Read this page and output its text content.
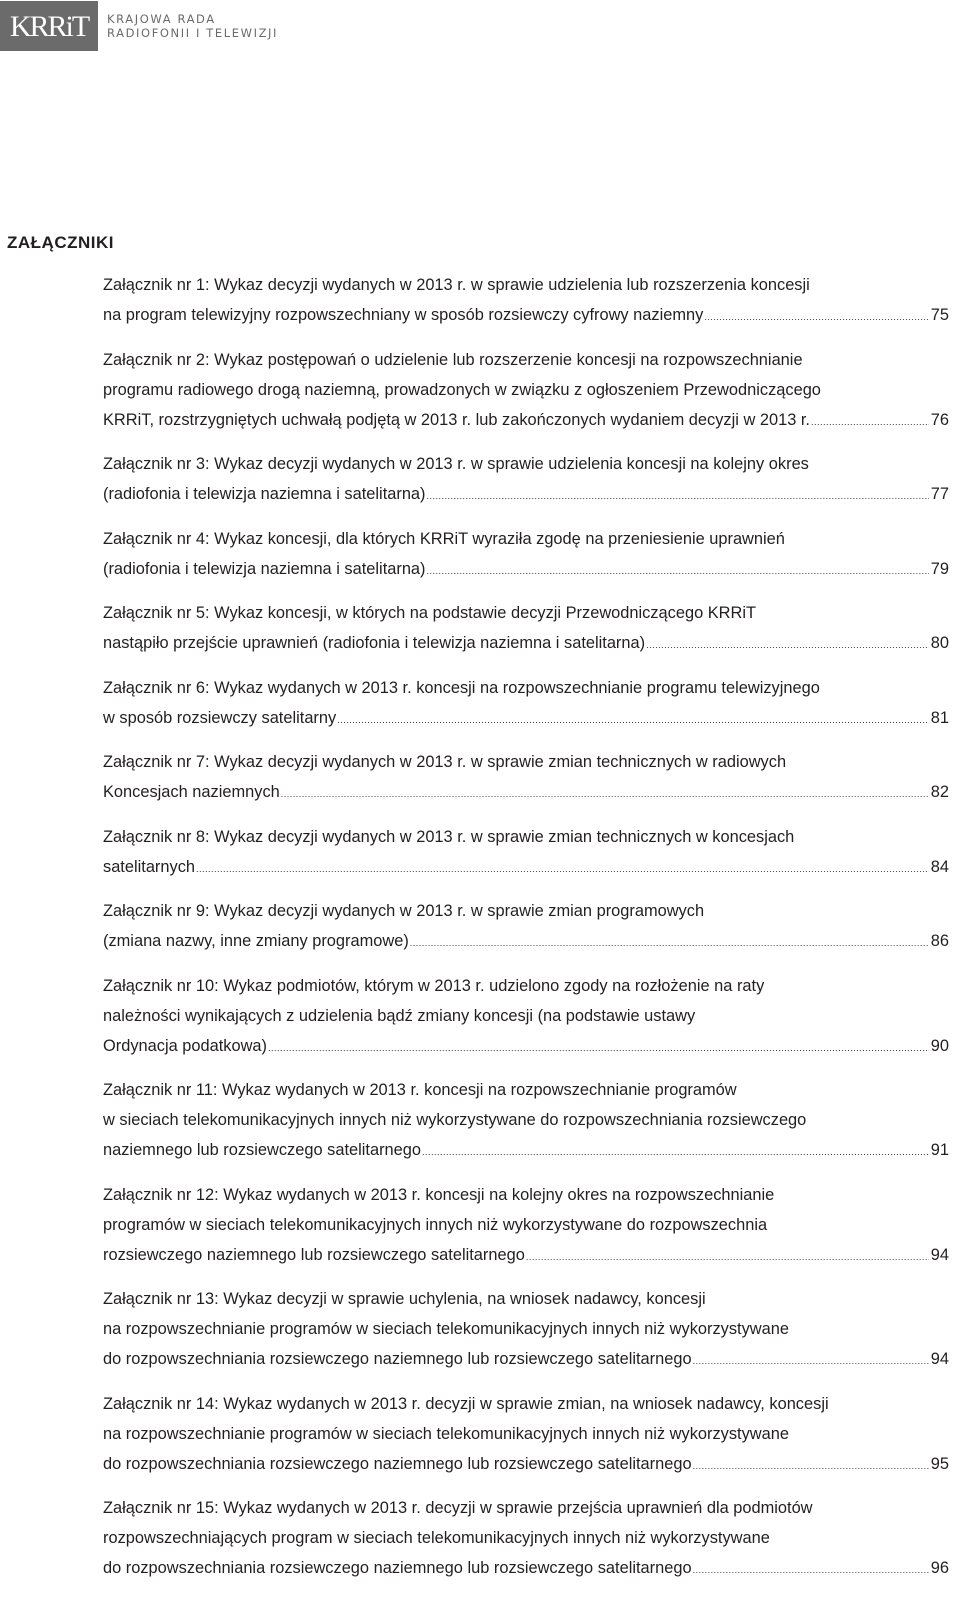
KRRiT KRAJOWA RADA
RADIOFONII I TELEWIZJI
ZAŁĄCZNIKI
Załącznik nr 1: Wykaz decyzji wydanych w 2013 r. w sprawie udzielenia lub rozszerzenia koncesji
na program telewizyjny rozpowszechniany w sposób rozsiewczy cyfrowy naziemny .....	75
Załącznik nr 2: Wykaz postępowań o udzielenie lub rozszerzenie koncesji na rozpowszechnianie
programu radiowego drogą naziemną, prowadzonych w związku z ogłoszeniem Przewodniczącego
KRRiT, rozstrzygniętych uchwałą podjętą w 2013 r. lub zakończonych wydaniem decyzji w 2013 r. .....	76
Załącznik nr 3: Wykaz decyzji wydanych w 2013 r. w sprawie udzielenia koncesji na kolejny okres
(radiofonia i telewizja naziemna i satelitarna) .....	77
Załącznik nr 4: Wykaz koncesji, dla których KRRiT wyraziła zgodę na przeniesienie uprawnień
(radiofonia i telewizja naziemna i satelitarna) .....	79
Załącznik nr 5: Wykaz koncesji, w których na podstawie decyzji Przewodniczącego KRRiT
nastąpiło przejście uprawnień (radiofonia i telewizja naziemna i satelitarna) .....	80
Załącznik nr 6: Wykaz wydanych w 2013 r. koncesji na rozpowszechnianie programu telewizyjnego
w sposób rozsiewczy satelitarny .....	81
Załącznik nr 7: Wykaz decyzji wydanych w 2013 r. w sprawie zmian technicznych w radiowych
Koncesjach naziemnych .....	82
Załącznik nr 8: Wykaz decyzji wydanych w 2013 r. w sprawie zmian technicznych w koncesjach
satelitarnych .....	84
Załącznik nr 9: Wykaz decyzji wydanych w 2013 r. w sprawie zmian programowych
(zmiana nazwy, inne zmiany programowe) .....	86
Załącznik nr 10: Wykaz podmiotów, którym w 2013 r. udzielono zgody na rozłożenie na raty
należności wynikających z udzielenia bądź zmiany koncesji (na podstawie ustawy
Ordynacja podatkowa) .....	90
Załącznik nr 11: Wykaz wydanych w 2013 r. koncesji na rozpowszechnianie programów
w sieciach telekomunikacyjnych innych niż wykorzystywane do rozpowszechniania rozsiewczego
naziemnego lub rozsiewczego satelitarnego .....	91
Załącznik nr 12: Wykaz wydanych w 2013 r. koncesji na kolejny okres na rozpowszechnianie
programów w sieciach telekomunikacyjnych innych niż wykorzystywane do rozpowszechnia
rozsiewczego naziemnego lub rozsiewczego satelitarnego .....	94
Załącznik nr 13: Wykaz decyzji w sprawie uchylenia, na wniosek nadawcy, koncesji
na rozpowszechnianie programów w sieciach telekomunikacyjnych innych niż wykorzystywane
do rozpowszechniania rozsiewczego naziemnego lub rozsiewczego satelitarnego .....	94
Załącznik nr 14: Wykaz wydanych w 2013 r. decyzji w sprawie zmian, na wniosek nadawcy, koncesji
na rozpowszechnianie programów w sieciach telekomunikacyjnych innych niż wykorzystywane
do rozpowszechniania rozsiewczego naziemnego lub rozsiewczego satelitarnego .....	95
Załącznik nr 15: Wykaz wydanych w 2013 r. decyzji w sprawie przejścia uprawnień dla podmiotów
rozpowszechniających program w sieciach telekomunikacyjnych innych niż wykorzystywane
do rozpowszechniania rozsiewczego naziemnego lub rozsiewczego satelitarnego .....	96
